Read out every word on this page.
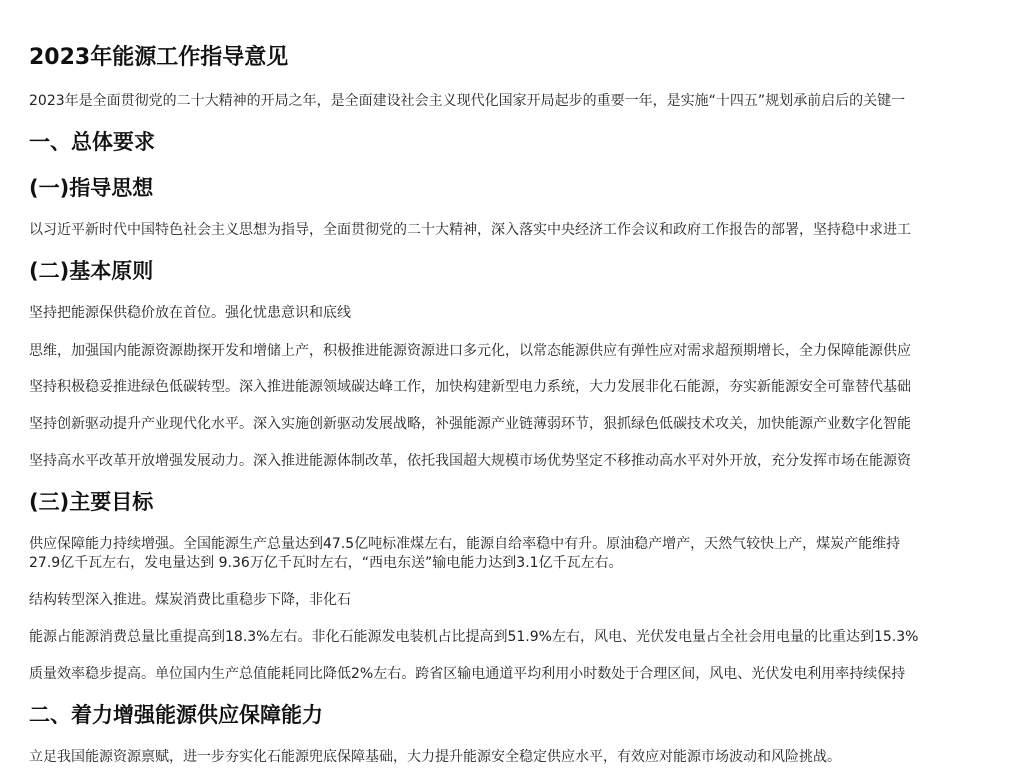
2023年能源工作指导意见
2023年是全面贯彻党的二十大精神的开局之年，是全面建设社会主义现代化国家开局起步的重要一年，是实施“十四五”规划承前启后的关键一
一、总体要求
(一)指导思想
以习近平新时代中国特色社会主义思想为指导，全面贯彻党的二十大精神，深入落实中央经济工作会议和政府工作报告的部署，坚持稳中求进工
(二)基本原则
坚持把能源保供稳价放在首位。强化忧患意识和底线
思维，加强国内能源资源勘探开发和增储上产，积极推进能源资源进口多元化，以常态能源供应有弹性应对需求超预期增长，全力保障能源供应
坚持积极稳妥推进绿色低碳转型。深入推进能源领域碳达峰工作，加快构建新型电力系统，大力发展非化石能源，夯实新能源安全可靠替代基础
坚持创新驱动提升产业现代化水平。深入实施创新驱动发展战略，补强能源产业链薄弱环节，狠抓绿色低碳技术攻关，加快能源产业数字化智能
坚持高水平改革开放增强发展动力。深入推进能源体制改革，依托我国超大规模市场优势坚定不移推动高水平对外开放，充分发挥市场在能源资
(三)主要目标
供应保障能力持续增强。全国能源生产总量达到47.5亿吨标准煤左右，能源自给率稳中有升。原油稳产增产，天然气较快上产，煤炭产能维持
27.9亿千瓦左右，发电量达到 9.36万亿千瓦时左右，“西电东送”输电能力达到3.1亿千瓦左右。
结构转型深入推进。煤炭消费比重稳步下降，非化石
能源占能源消费总量比重提高到18.3%左右。非化石能源发电装机占比提高到51.9%左右，风电、光伏发电量占全社会用电量的比重达到15.3%
质量效率稳步提高。单位国内生产总值能耗同比降低2%左右。跨省区输电通道平均利用小时数处于合理区间，风电、光伏发电利用率持续保持
二、着力增强能源供应保障能力
立足我国能源资源禀赋，进一步夯实化石能源兜底保障基础，大力提升能源安全稳定供应水平，有效应对能源市场波动和风险挑战。
